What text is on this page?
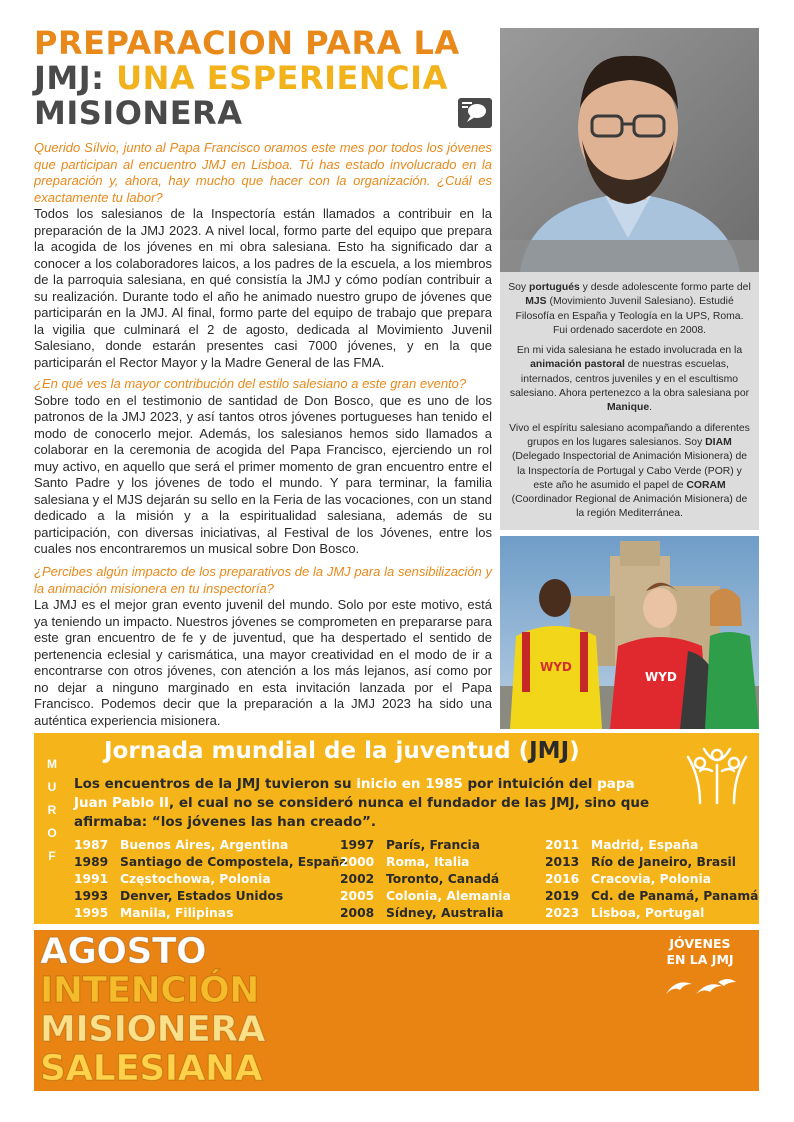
PREPARACION PARA LA
JMJ: UNA ESPERIENCIA
MISIONERA

Querido Sílvio, junto al Papa Francisco oramos este mes por todos los jóvenes que participan al encuentro JMJ en Lisboa. Tú has estado involucrado en la preparación y, ahora, hay mucho que hacer con la organización. ¿Cuál es exactamente tu labor?

Todos los salesianos de la Inspectoría están llamados a contribuir en la preparación de la JMJ 2023. A nivel local, formo parte del equipo que prepara la acogida de los jóvenes en mi obra salesiana. Esto ha significado dar a conocer a los colaboradores laicos, a los padres de la escuela, a los miembros de la parroquia salesiana, en qué consistía la JMJ y cómo podían contribuir a su realización. Durante todo el año he animado nuestro grupo de jóvenes que participarán en la JMJ. Al final, formo parte del equipo de trabajo que prepara la vigilia que culminará el 2 de agosto, dedicada al Movimiento Juvenil Salesiano, donde estarán presentes casi 7000 jóvenes, y en la que participarán el Rector Mayor y la Madre General de las FMA.

¿En qué ves la mayor contribución del estilo salesiano a este gran evento?

Sobre todo en el testimonio de santidad de Don Bosco, que es uno de los patronos de la JMJ 2023, y así tantos otros jóvenes portugueses han tenido el modo de conocerlo mejor. Además, los salesianos hemos sido llamados a colaborar en la ceremonia de acogida del Papa Francisco, ejerciendo un rol muy activo, en aquello que será el primer momento de gran encuentro entre el Santo Padre y los jóvenes de todo el mundo. Y para terminar, la familia salesiana y el MJS dejarán su sello en la Feria de las vocaciones, con un stand dedicado a la misión y a la espiritualidad salesiana, además de su participación, con diversas iniciativas, al Festival de los Jóvenes, entre los cuales nos encontraremos un musical sobre Don Bosco.

¿Percibes algún impacto de los preparativos de la JMJ para la sensibilización y la animación misionera en tu inspectoría?

La JMJ es el mejor gran evento juvenil del mundo. Solo por este motivo, está ya teniendo un impacto. Nuestros jóvenes se comprometen en prepararse para este gran encuentro de fe y de juventud, que ha despertado el sentido de pertenencia eclesial y carismática, una mayor creatividad en el modo de ir a encontrarse con otros jóvenes, con atención a los más lejanos, así como por no dejar a ninguno marginado en esta invitación lanzada por el Papa Francisco. Podemos decir que la preparación a la JMJ 2023 ha sido una auténtica experiencia misionera.

Soy portugués y desde adolescente formo parte del MJS (Movimiento Juvenil Salesiano). Estudié Filosofía en España y Teología en la UPS, Roma. Fui ordenado sacerdote en 2008.

En mi vida salesiana he estado involucrada en la animación pastoral de nuestras escuelas, internados, centros juveniles y en el escultismo salesiano. Ahora pertenezco a la obra salesiana por Manique.

Vivo el espíritu salesiano acompañando a diferentes grupos en los lugares salesianos. Soy DIAM (Delegado Inspectorial de Animación Misionera) de la Inspectoría de Portugal y Cabo Verde (POR) y este año he asumido el papel de CORAM (Coordinador Regional de Animación Misionera) de la región Mediterránea.

WYD
WYD
M
U
R
O
F
Jornada mundial de la juventud (JMJ)
Los encuentros de la JMJ tuvieron su inicio en 1985 por intuición del papa Juan Pablo II, el cual no se consideró nunca el fundador de las JMJ, sino que afirmaba: “los jóvenes las han creado”.
1987 Buenos Aires, Argentina
1989 Santiago de Compostela, España
1991 Częstochowa, Polonia
1993 Denver, Estados Unidos
1995 Manila, Filipinas
1997 París, Francia
2000 Roma, Italia
2002 Toronto, Canadá
2005 Colonia, Alemania
2008 Sídney, Australia
2011 Madrid, España
2013 Río de Janeiro, Brasil
2016 Cracovia, Polonia
2019 Cd. de Panamá, Panamá
2023 Lisboa, Portugal
AGOSTO
INTENCIÓN
MISIONERA
SALESIANA
JÓVENES
EN LA JMJ
